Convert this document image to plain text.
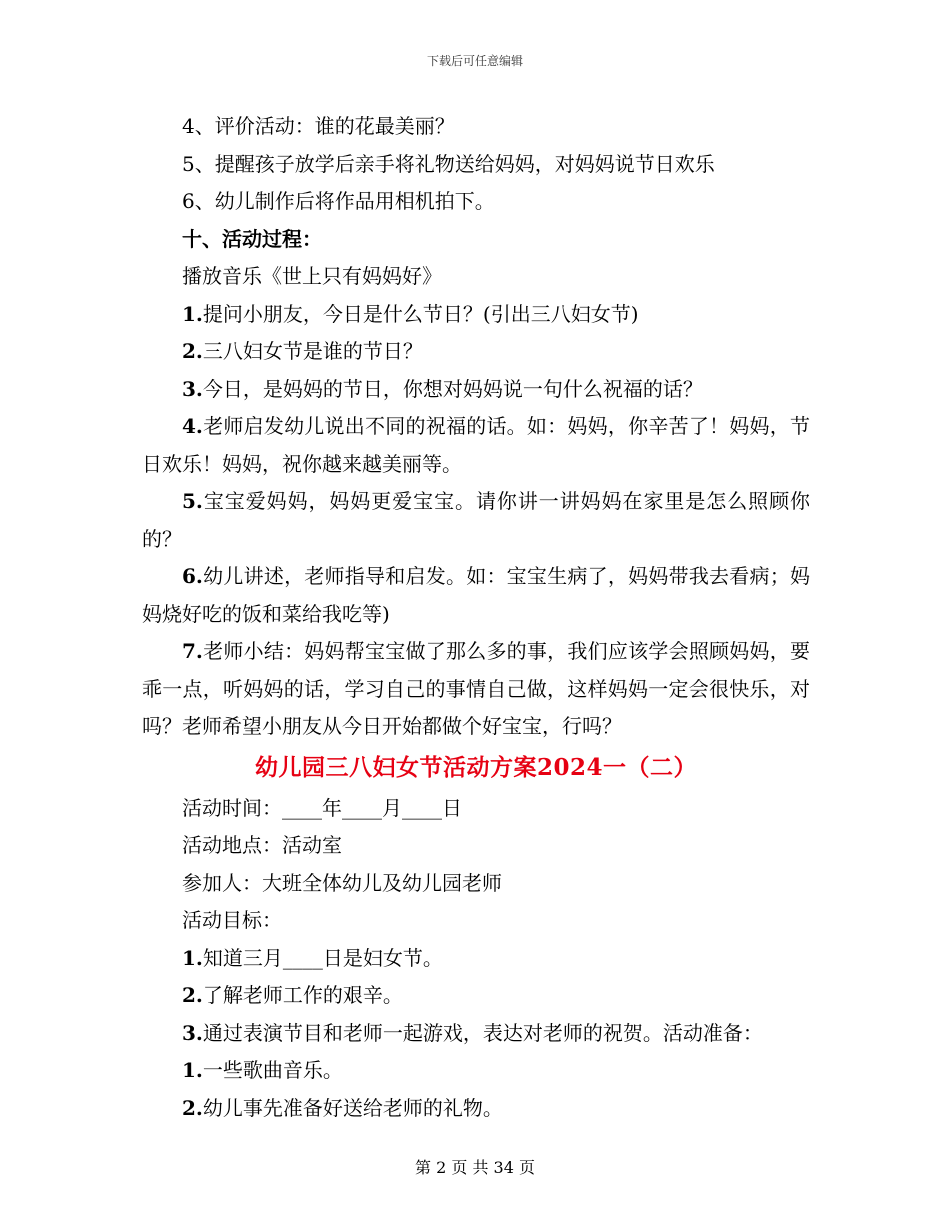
下载后可任意编辑

4、评价活动：谁的花最美丽？

5、提醒孩子放学后亲手将礼物送给妈妈，对妈妈说节日欢乐

6、幼儿制作后将作品用相机拍下。

十、活动过程：

播放音乐《世上只有妈妈好》

1.提问小朋友，今日是什么节日？(引出三八妇女节)

2.三八妇女节是谁的节日？

3.今日，是妈妈的节日，你想对妈妈说一句什么祝福的话？

4.老师启发幼儿说出不同的祝福的话。如：妈妈，你辛苦了！妈妈，节日欢乐！妈妈，祝你越来越美丽等。

5.宝宝爱妈妈，妈妈更爱宝宝。请你讲一讲妈妈在家里是怎么照顾你的？

6.幼儿讲述，老师指导和启发。如：宝宝生病了，妈妈带我去看病；妈妈烧好吃的饭和菜给我吃等)

7.老师小结：妈妈帮宝宝做了那么多的事，我们应该学会照顾妈妈，要乖一点，听妈妈的话，学习自己的事情自己做，这样妈妈一定会很快乐，对吗？老师希望小朋友从今日开始都做个好宝宝，行吗？

幼儿园三八妇女节活动方案2024一（二）

活动时间：____年____月____日

活动地点：活动室

参加人：大班全体幼儿及幼儿园老师

活动目标：

1.知道三月____日是妇女节。

2.了解老师工作的艰辛。

3.通过表演节目和老师一起游戏，表达对老师的祝贺。活动准备：

1.一些歌曲音乐。

2.幼儿事先准备好送给老师的礼物。

第 2 页 共 34 页
